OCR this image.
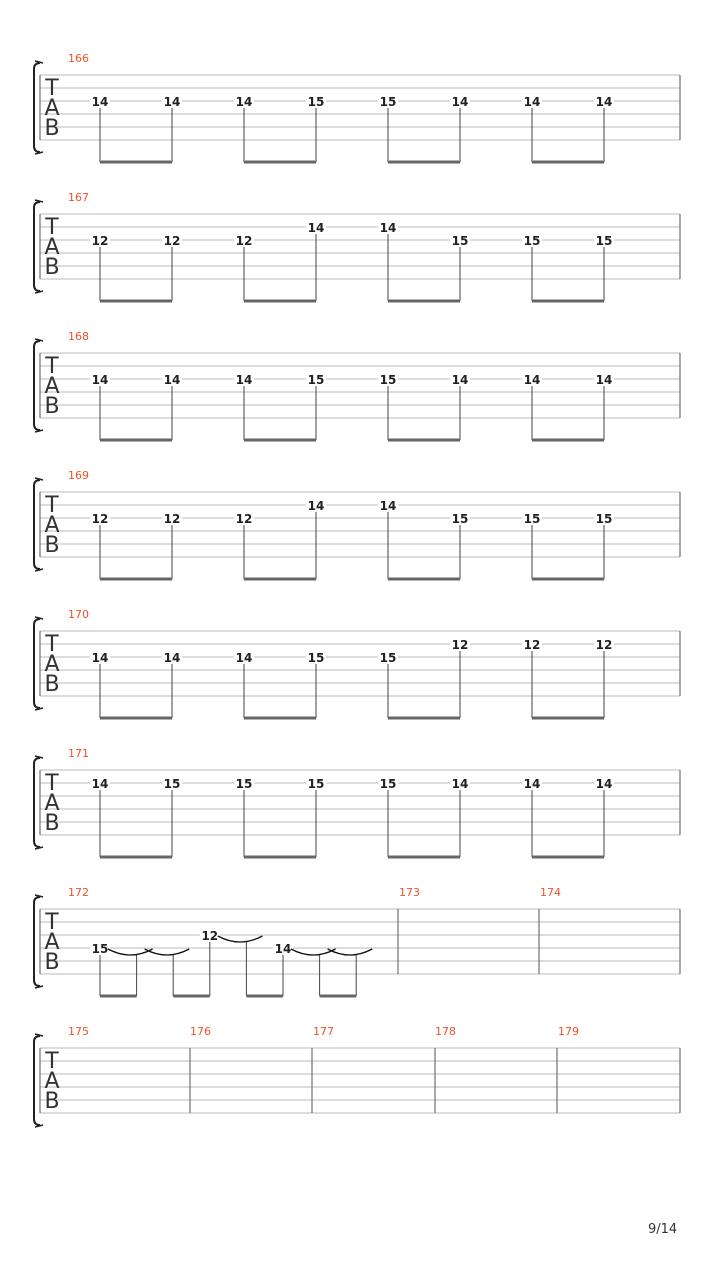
T
A
B
166
14	14	14	15	15	14	14	14
T
A
B
167
12	12	12
14	14
15	15	15
T
A
B
168
14	14	14	15	15	14	14	14
T
A
B
169
12	12	12
14	14
15	15	15
T
A
B
170
14	14	14	15	15
12	12	12
T
A
B
171
14	15	15	15	15	14	14	14
T
A
B
172
15
12
14
173	174
T
A
B
175	176	177	178	179
9/14
